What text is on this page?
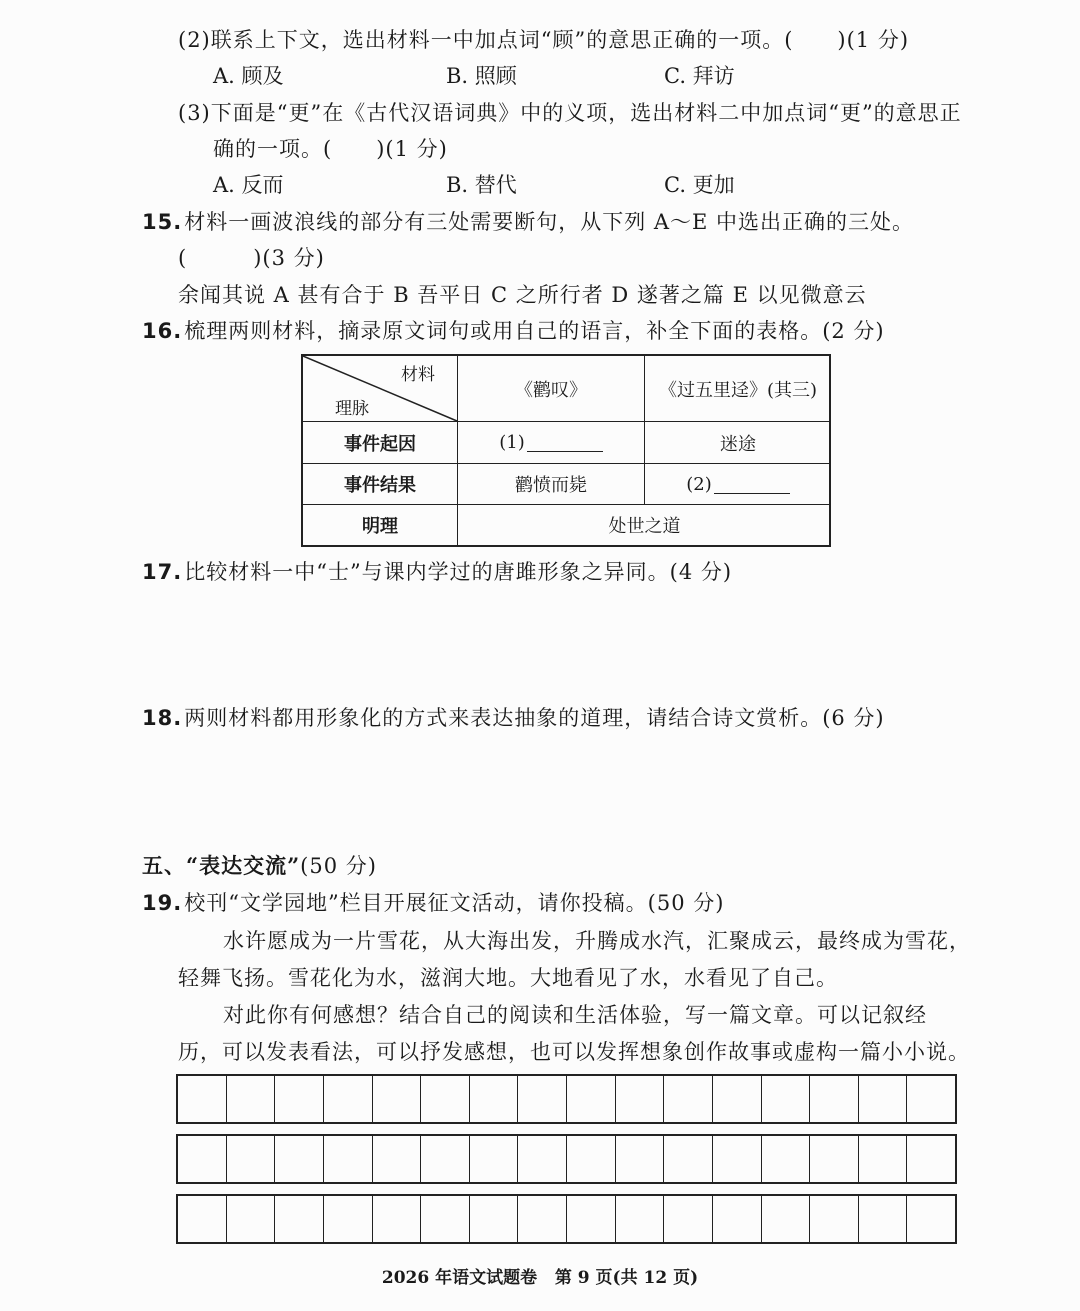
(2)联系上下文，选出材料一中加点词“顾”的意思正确的一项。(　　)(1 分)
A. 顾及	B. 照顾	C. 拜访
(3)下面是“更”在《古代汉语词典》中的义项，选出材料二中加点词“更”的意思正
确的一项。(　　)(1 分)
A. 反而	B. 替代	C. 更加
15.材料一画波浪线的部分有三处需要断句，从下列 A～E 中选出正确的三处。
(　　　)(3 分)
余闻其说 A 甚有合于 B 吾平日 C 之所行者 D 遂著之篇 E 以见微意云
16.梳理两则材料，摘录原文词句或用自己的语言，补全下面的表格。(2 分)
材料
理脉
《鹳叹》	《过五里迳》(其三)
事件起因	(1)	迷途
事件结果	鹳愤而毙	(2)
明理	处世之道
17.比较材料一中“士”与课内学过的唐雎形象之异同。(4 分)
18.两则材料都用形象化的方式来表达抽象的道理，请结合诗文赏析。(6 分)
五、“表达交流”(50 分)
19.校刊“文学园地”栏目开展征文活动，请你投稿。(50 分)
水许愿成为一片雪花，从大海出发，升腾成水汽，汇聚成云，最终成为雪花，
轻舞飞扬。雪花化为水，滋润大地。大地看见了水，水看见了自己。
对此你有何感想？结合自己的阅读和生活体验，写一篇文章。可以记叙经
历，可以发表看法，可以抒发感想，也可以发挥想象创作故事或虚构一篇小小说。
2026 年语文试题卷 第 9 页(共 12 页)
